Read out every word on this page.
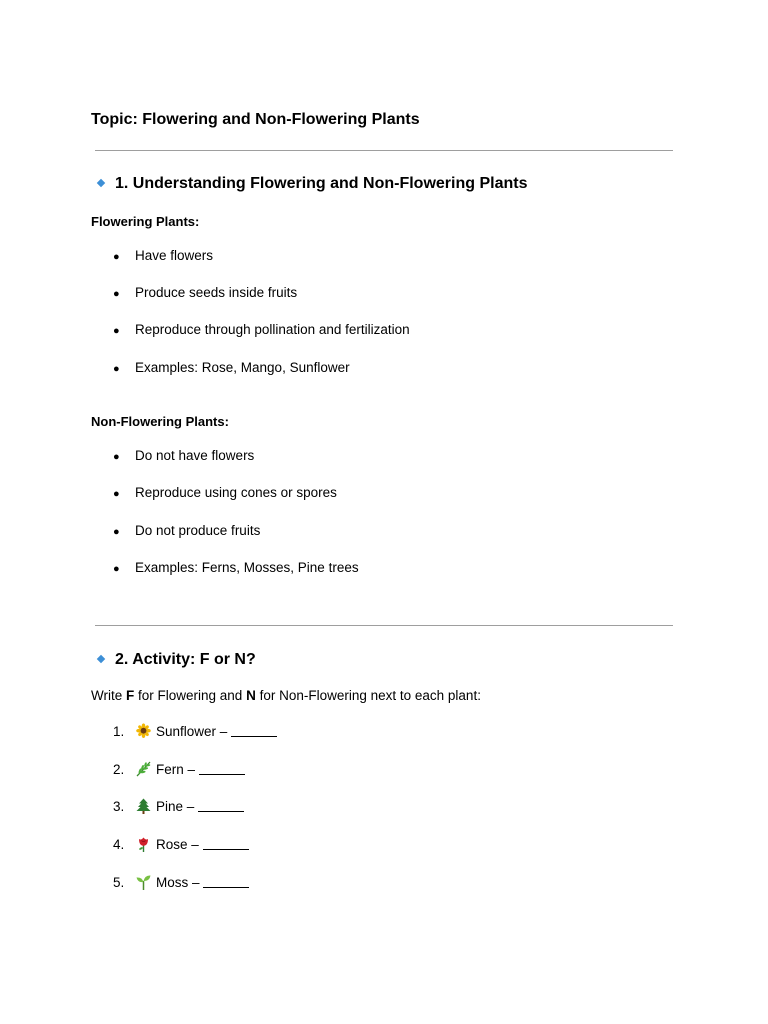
Topic: Flowering and Non-Flowering Plants
1. Understanding Flowering and Non-Flowering Plants
Flowering Plants:
● Have flowers
● Produce seeds inside fruits
● Reproduce through pollination and fertilization
● Examples: Rose, Mango, Sunflower
Non-Flowering Plants:
● Do not have flowers
● Reproduce using cones or spores
● Do not produce fruits
● Examples: Ferns, Mosses, Pine trees
2. Activity: F or N?
Write F for Flowering and N for Non-Flowering next to each plant:
1. Sunflower –
2. Fern –
3. Pine –
4. Rose –
5. Moss –
